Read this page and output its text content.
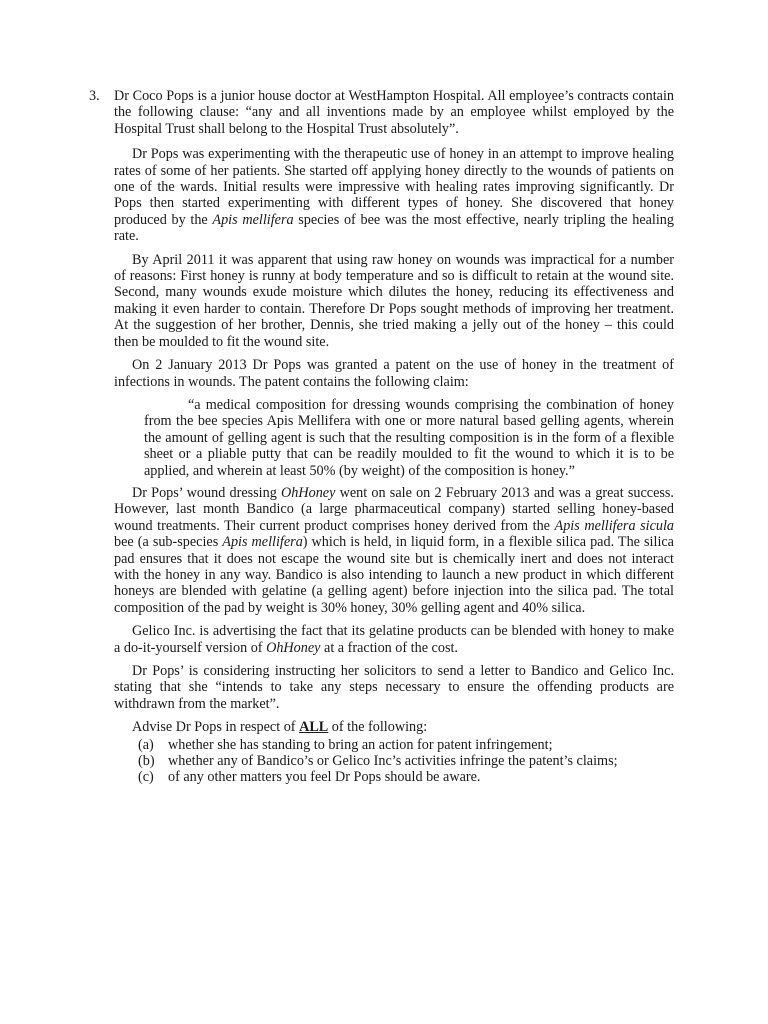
3. Dr Coco Pops is a junior house doctor at WestHampton Hospital. All employee’s contracts contain the following clause: “any and all inventions made by an employee whilst employed by the Hospital Trust shall belong to the Hospital Trust absolutely”.

Dr Pops was experimenting with the therapeutic use of honey in an attempt to improve healing rates of some of her patients. She started off applying honey directly to the wounds of patients on one of the wards. Initial results were impressive with healing rates improving significantly. Dr Pops then started experimenting with different types of honey. She discovered that honey produced by the Apis mellifera species of bee was the most effective, nearly tripling the healing rate.

By April 2011 it was apparent that using raw honey on wounds was impractical for a number of reasons: First honey is runny at body temperature and so is difficult to retain at the wound site. Second, many wounds exude moisture which dilutes the honey, reducing its effectiveness and making it even harder to contain. Therefore Dr Pops sought methods of improving her treatment. At the suggestion of her brother, Dennis, she tried making a jelly out of the honey – this could then be moulded to fit the wound site.

On 2 January 2013 Dr Pops was granted a patent on the use of honey in the treatment of infections in wounds. The patent contains the following claim:

“a medical composition for dressing wounds comprising the combination of honey from the bee species Apis Mellifera with one or more natural based gelling agents, wherein the amount of gelling agent is such that the resulting composition is in the form of a flexible sheet or a pliable putty that can be readily moulded to fit the wound to which it is to be applied, and wherein at least 50% (by weight) of the composition is honey.”

Dr Pops’ wound dressing OhHoney went on sale on 2 February 2013 and was a great success. However, last month Bandico (a large pharmaceutical company) started selling honey-based wound treatments. Their current product comprises honey derived from the Apis mellifera sicula bee (a sub-species Apis mellifera) which is held, in liquid form, in a flexible silica pad. The silica pad ensures that it does not escape the wound site but is chemically inert and does not interact with the honey in any way. Bandico is also intending to launch a new product in which different honeys are blended with gelatine (a gelling agent) before injection into the silica pad. The total composition of the pad by weight is 30% honey, 30% gelling agent and 40% silica.

Gelico Inc. is advertising the fact that its gelatine products can be blended with honey to make a do-it-yourself version of OhHoney at a fraction of the cost.

Dr Pops’ is considering instructing her solicitors to send a letter to Bandico and Gelico Inc. stating that she “intends to take any steps necessary to ensure the offending products are withdrawn from the market”.

Advise Dr Pops in respect of ALL of the following:

(a)	whether she has standing to bring an action for patent infringement;
(b) whether any of Bandico’s or Gelico Inc’s activities infringe the patent’s claims;
(c)	of any other matters you feel Dr Pops should be aware.
